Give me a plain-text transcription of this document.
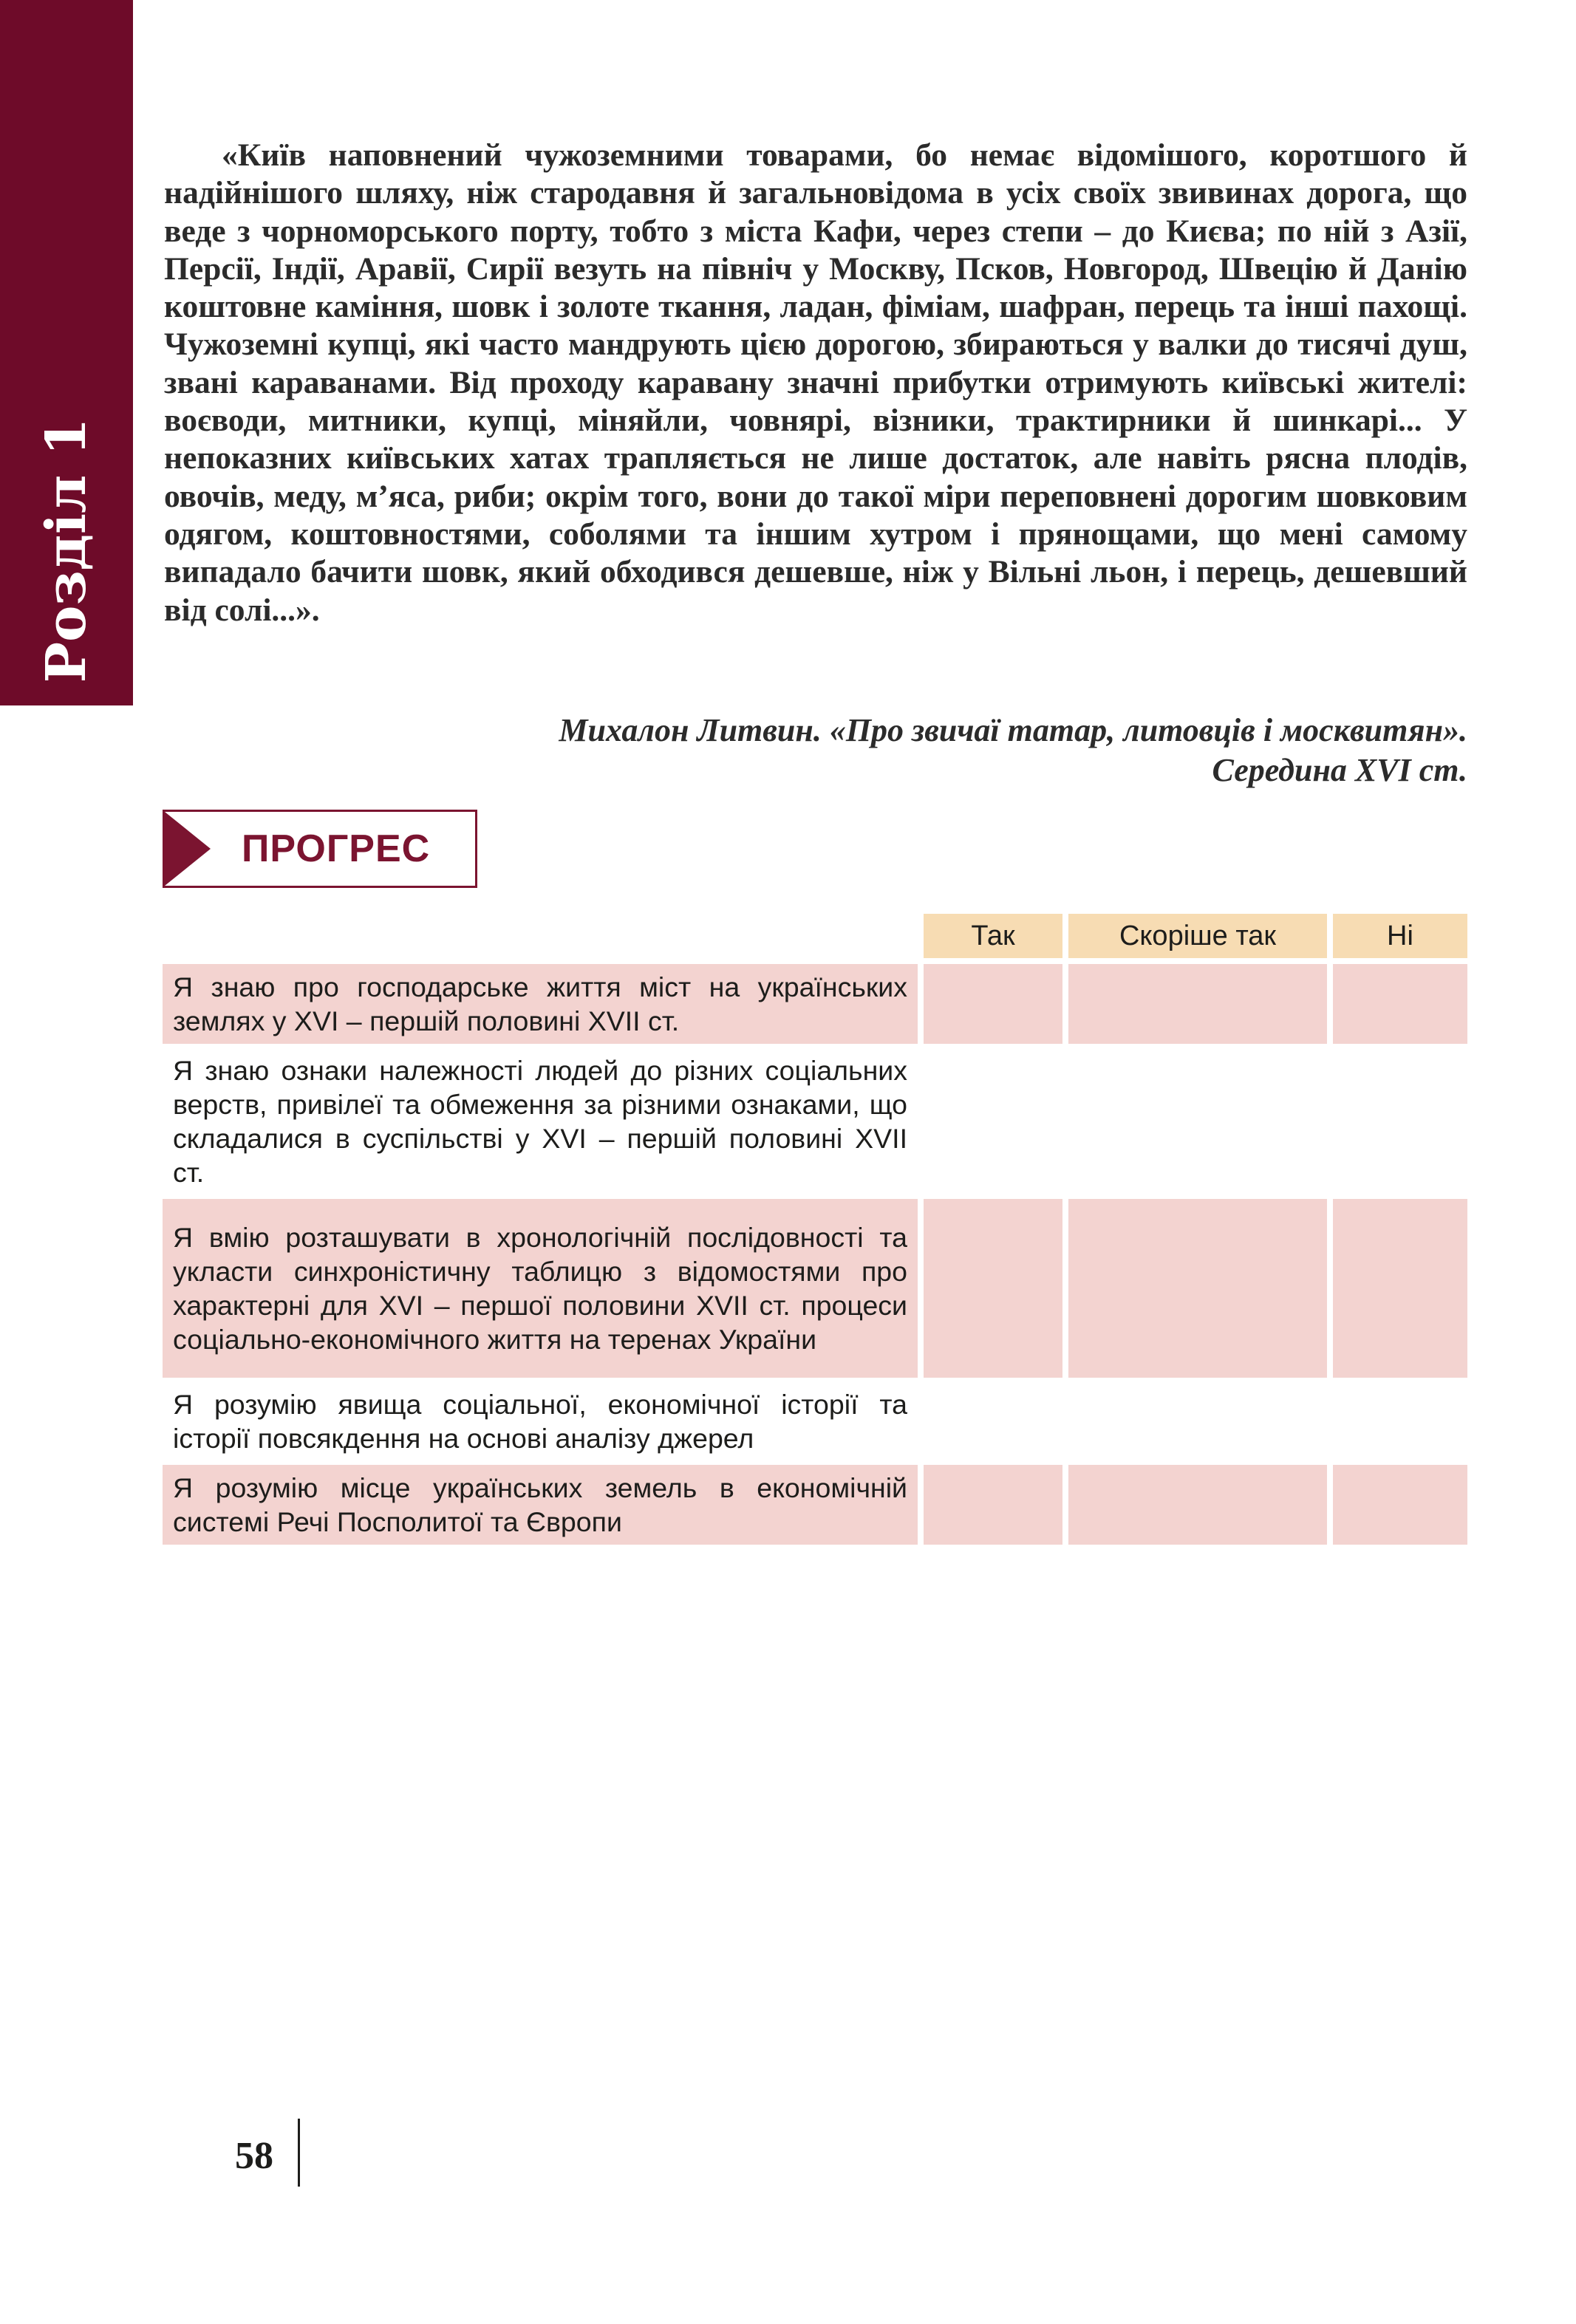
Розділ 1

«Київ наповнений чужоземними товарами, бо немає відомішого, коротшого й надійнішого шляху, ніж стародавня й загальновідома в усіх своїх звивинах дорога, що веде з чорноморського порту, тобто з міста Кафи, через степи – до Києва; по ній з Азії, Персії, Індії, Аравії, Сирії везуть на північ у Москву, Псков, Новгород, Швецію й Данію коштовне каміння, шовк і золоте ткання, ладан, фіміам, шафран, перець та інші пахощі. Чужоземні купці, які часто мандрують цією дорогою, збираються у валки до тисячі душ, звані караванами. Від проходу каравану значні прибутки отримують київські жителі: воєводи, митники, купці, міняйли, човнярі, візники, трактирники й шинкарі... У непоказних київських хатах трапляється не лише достаток, але навіть рясна плодів, овочів, меду, м’яса, риби; окрім того, вони до такої міри переповнені дорогим шовковим одягом, коштовностями, соболями та іншим хутром і прянощами, що мені самому випадало бачити шовк, який обходився дешевше, ніж у Вільні льон, і перець, дешевший від солі...».

Михалон Литвин. «Про звичаї татар, литовців і москвитян».
Середина XVI ст.
ПРОГРЕС
	Так	Скоріше так	Ні
Я знаю про господарське життя міст на українських землях у XVI – першій половині XVII ст.			
Я знаю ознаки належності людей до різних соціальних верств, привілеї та обмеження за різними ознаками, що складалися в суспільстві у XVI – першій половині XVII ст.			
Я вмію розташувати в хронологічній послідовності та укласти синхроністичну таблицю з відомостями про характерні для XVI – першої половини XVII ст. процеси соціально-економічного життя на теренах України			
Я розумію явища соціальної, економічної історії та історії повсякдення на основі аналізу джерел			
Я розумію місце українських земель в економічній системі Речі Посполитої та Європи			
58
